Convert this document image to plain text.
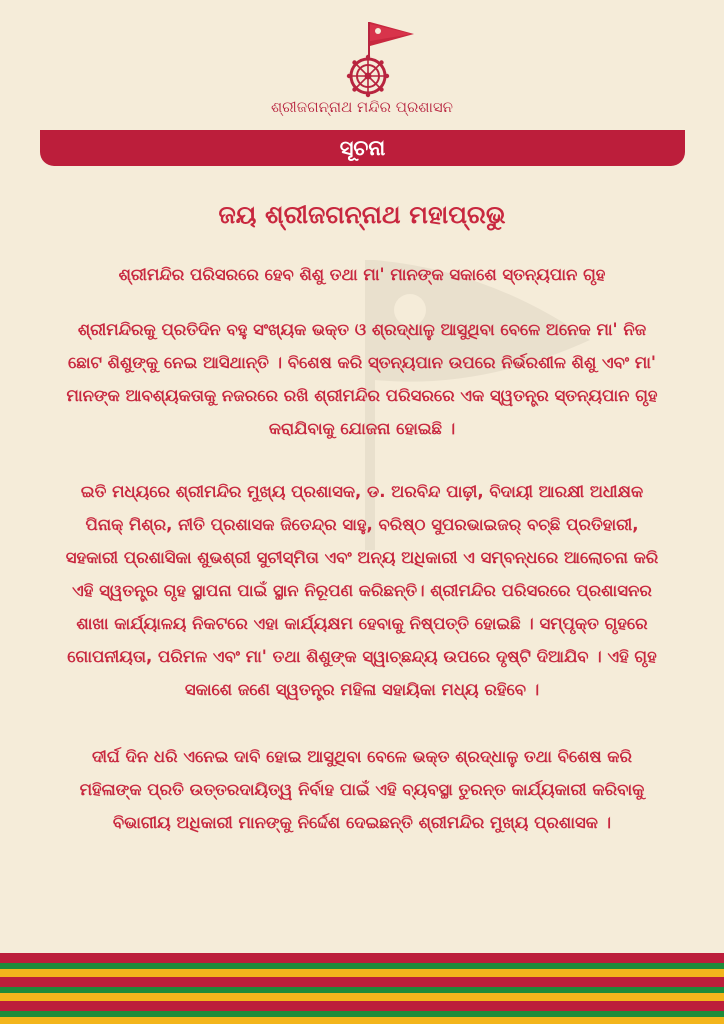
ଶ୍ରୀଜଗନ୍ନାଥ ମନ୍ଦିର ପ୍ରଶାସନ
ସୂଚନା
ଜୟ ଶ୍ରୀଜଗନ୍ନାଥ ମହାପ୍ରଭୁ
ଶ୍ରୀମନ୍ଦିର ପରିସରରେ ହେବ ଶିଶୁ ତଥା ମା' ମାନଙ୍କ ସକାଶେ ସ୍ତନ୍ୟପାନ ଗୃହ

ଶ୍ରୀମନ୍ଦିରକୁ ପ୍ରତିଦିନ ବହୁ ସଂଖ୍ୟକ ଭକ୍ତ ଓ ଶ୍ରଦ୍ଧାଳୁ ଆସୁଥିବା ବେଳେ ଅନେକ ମା' ନିଜ ଛୋଟ ଶିଶୁଙ୍କୁ ନେଇ ଆସିଥାନ୍ତି । ବିଶେଷ କରି ସ୍ତନ୍ୟପାନ ଉପରେ ନିର୍ଭରଶୀଳ ଶିଶୁ ଏବଂ ମା' ମାନଙ୍କ ଆବଶ୍ୟକତାକୁ ନଜରରେ ରଖି ଶ୍ରୀମନ୍ଦିର ପରିସରରେ ଏକ ସ୍ୱତନ୍ତ୍ର ସ୍ତନ୍ୟପାନ ଗୃହ କରାଯିବାକୁ ଯୋଜନା ହୋଇଛି ।

ଇତି ମଧ୍ୟରେ ଶ୍ରୀମନ୍ଦିର ମୁଖ୍ୟ ପ୍ରଶାସକ, ଡ. ଅରବିନ୍ଦ ପାଢ଼ୀ, ବିଦାୟୀ ଆରକ୍ଷୀ ଅଧୀକ୍ଷକ ପିନାକ୍ ମିଶ୍ର, ନୀତି ପ୍ରଶାସକ ଜିତେନ୍ଦ୍ର ସାହୁ, ବରିଷ୍ଠ ସୁପରଭାଇଜର୍ ବଚ୍ଛି ପ୍ରତିହାରୀ, ସହକାରୀ ପ୍ରଶାସିକା ଶୁଭଶ୍ରୀ ସୁଚୀସ୍ମିତା ଏବଂ ଅନ୍ୟ ଅଧିକାରୀ ଏ ସମ୍ବନ୍ଧରେ ଆଲୋଚନା କରି ଏହି ସ୍ୱତନ୍ତ୍ର ଗୃହ ସ୍ଥାପନା ପାଇଁ ସ୍ଥାନ ନିରୂପଣ କରିଛନ୍ତି। ଶ୍ରୀମନ୍ଦିର ପରିସରରେ ପ୍ରଶାସନର ଶାଖା କାର୍ଯ୍ୟାଳୟ ନିକଟରେ ଏହା କାର୍ଯ୍ୟକ୍ଷମ ହେବାକୁ ନିଷ୍ପତ୍ତି ହୋଇଛି । ସମ୍ପୃକ୍ତ ଗୃହରେ ଗୋପନୀୟତା, ପରିମଳ ଏବଂ ମା' ତଥା ଶିଶୁଙ୍କ ସ୍ୱାଚ୍ଛନ୍ଦ୍ୟ ଉପରେ ଦୃଷ୍ଟି ଦିଆଯିବ । ଏହି ଗୃହ ସକାଶେ ଜଣେ ସ୍ୱତନ୍ତ୍ର ମହିଳା ସହାୟିକା ମଧ୍ୟ ରହିବେ ।

ଦୀର୍ଘ ଦିନ ଧରି ଏନେଇ ଦାବି ହୋଇ ଆସୁଥିବା ବେଳେ ଭକ୍ତ ଶ୍ରଦ୍ଧାଳୁ ତଥା ବିଶେଷ କରି ମହିଳାଙ୍କ ପ୍ରତି ଉତ୍ତରଦାୟିତ୍ୱ ନିର୍ବାହ ପାଇଁ ଏହି ବ୍ୟବସ୍ଥା ତୁରନ୍ତ କାର୍ଯ୍ୟକାରୀ କରିବାକୁ ବିଭାଗୀୟ ଅଧିକାରୀ ମାନଙ୍କୁ ନିର୍ଦ୍ଦେଶ ଦେଇଛନ୍ତି ଶ୍ରୀମନ୍ଦିର ମୁଖ୍ୟ ପ୍ରଶାସକ ।
